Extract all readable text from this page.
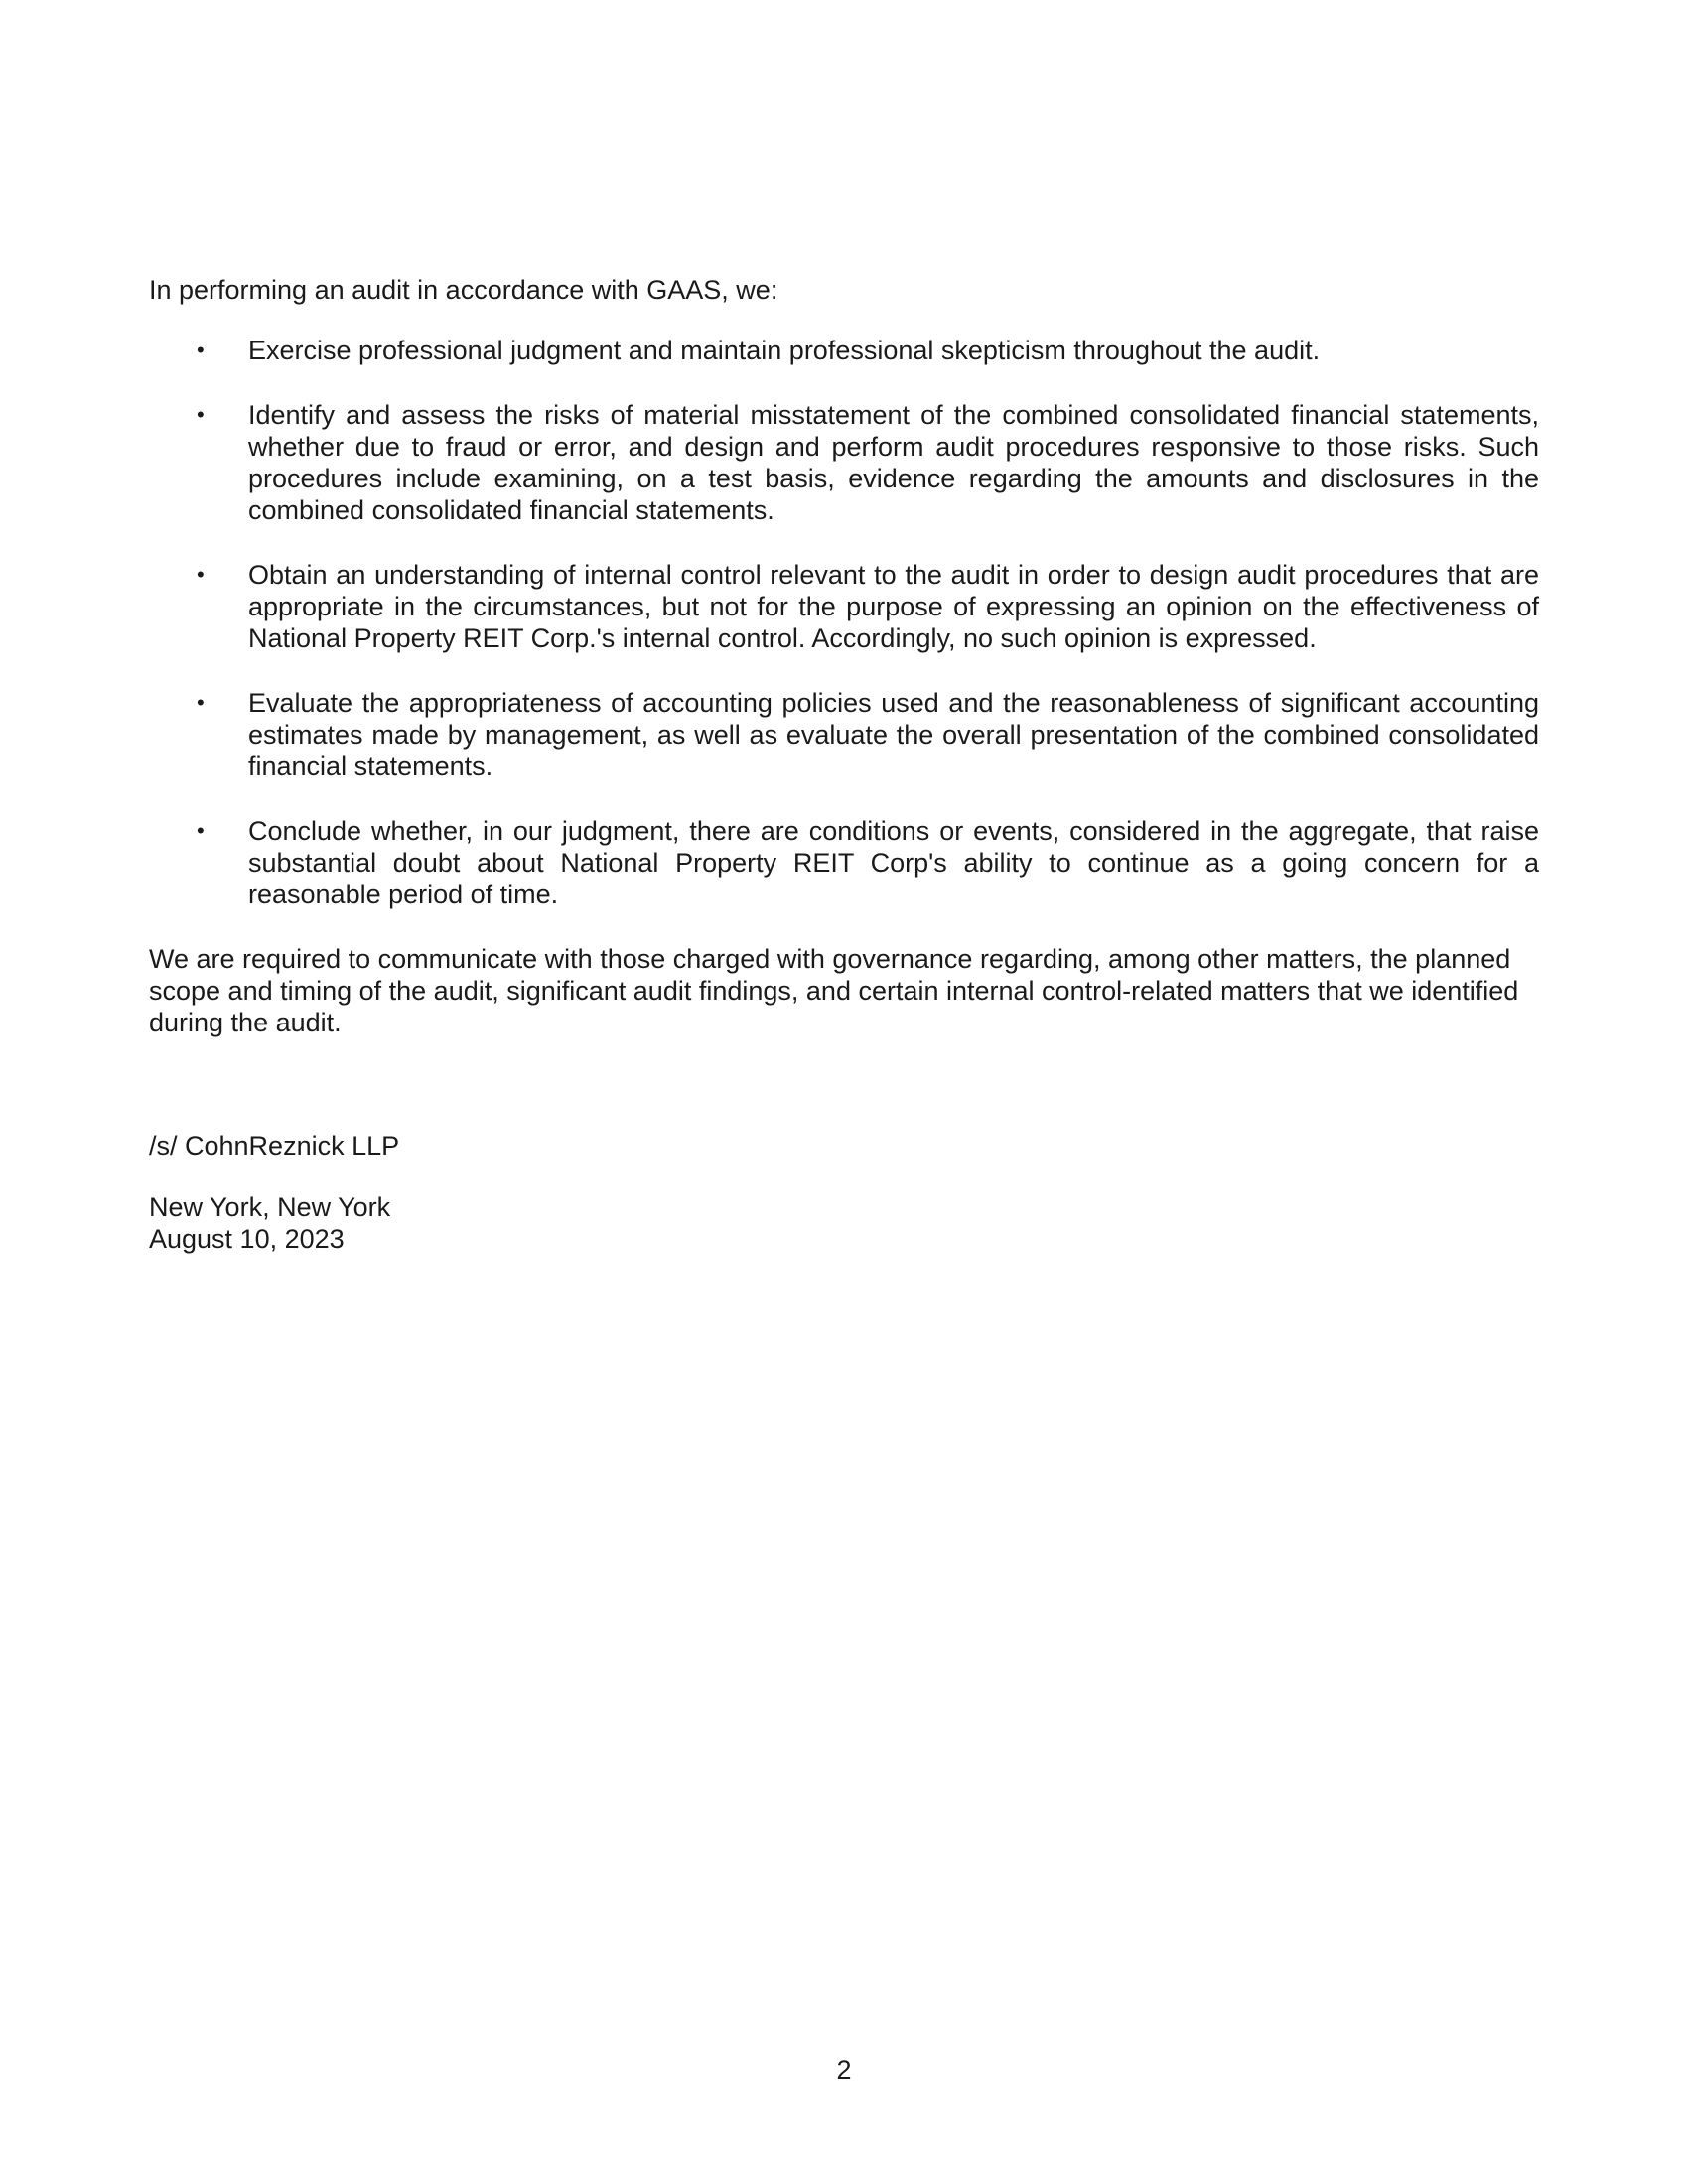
In performing an audit in accordance with GAAS, we:

•	Exercise professional judgment and maintain professional skepticism throughout the audit.
•	Identify and assess the risks of material misstatement of the combined consolidated financial statements, whether due to fraud or error, and design and perform audit procedures responsive to those risks. Such procedures include examining, on a test basis, evidence regarding the amounts and disclosures in the combined consolidated financial statements.
•	Obtain an understanding of internal control relevant to the audit in order to design audit procedures that are appropriate in the circumstances, but not for the purpose of expressing an opinion on the effectiveness of National Property REIT Corp.'s internal control. Accordingly, no such opinion is expressed.
•	Evaluate the appropriateness of accounting policies used and the reasonableness of significant accounting estimates made by management, as well as evaluate the overall presentation of the combined consolidated financial statements.
•	Conclude whether, in our judgment, there are conditions or events, considered in the aggregate, that raise substantial doubt about National Property REIT Corp's ability to continue as a going concern for a reasonable period of time.

We are required to communicate with those charged with governance regarding, among other matters, the planned scope and timing of the audit, significant audit findings, and certain internal control-related matters that we identified during the audit.

/s/ CohnReznick LLP

New York, New York
August 10, 2023
2
